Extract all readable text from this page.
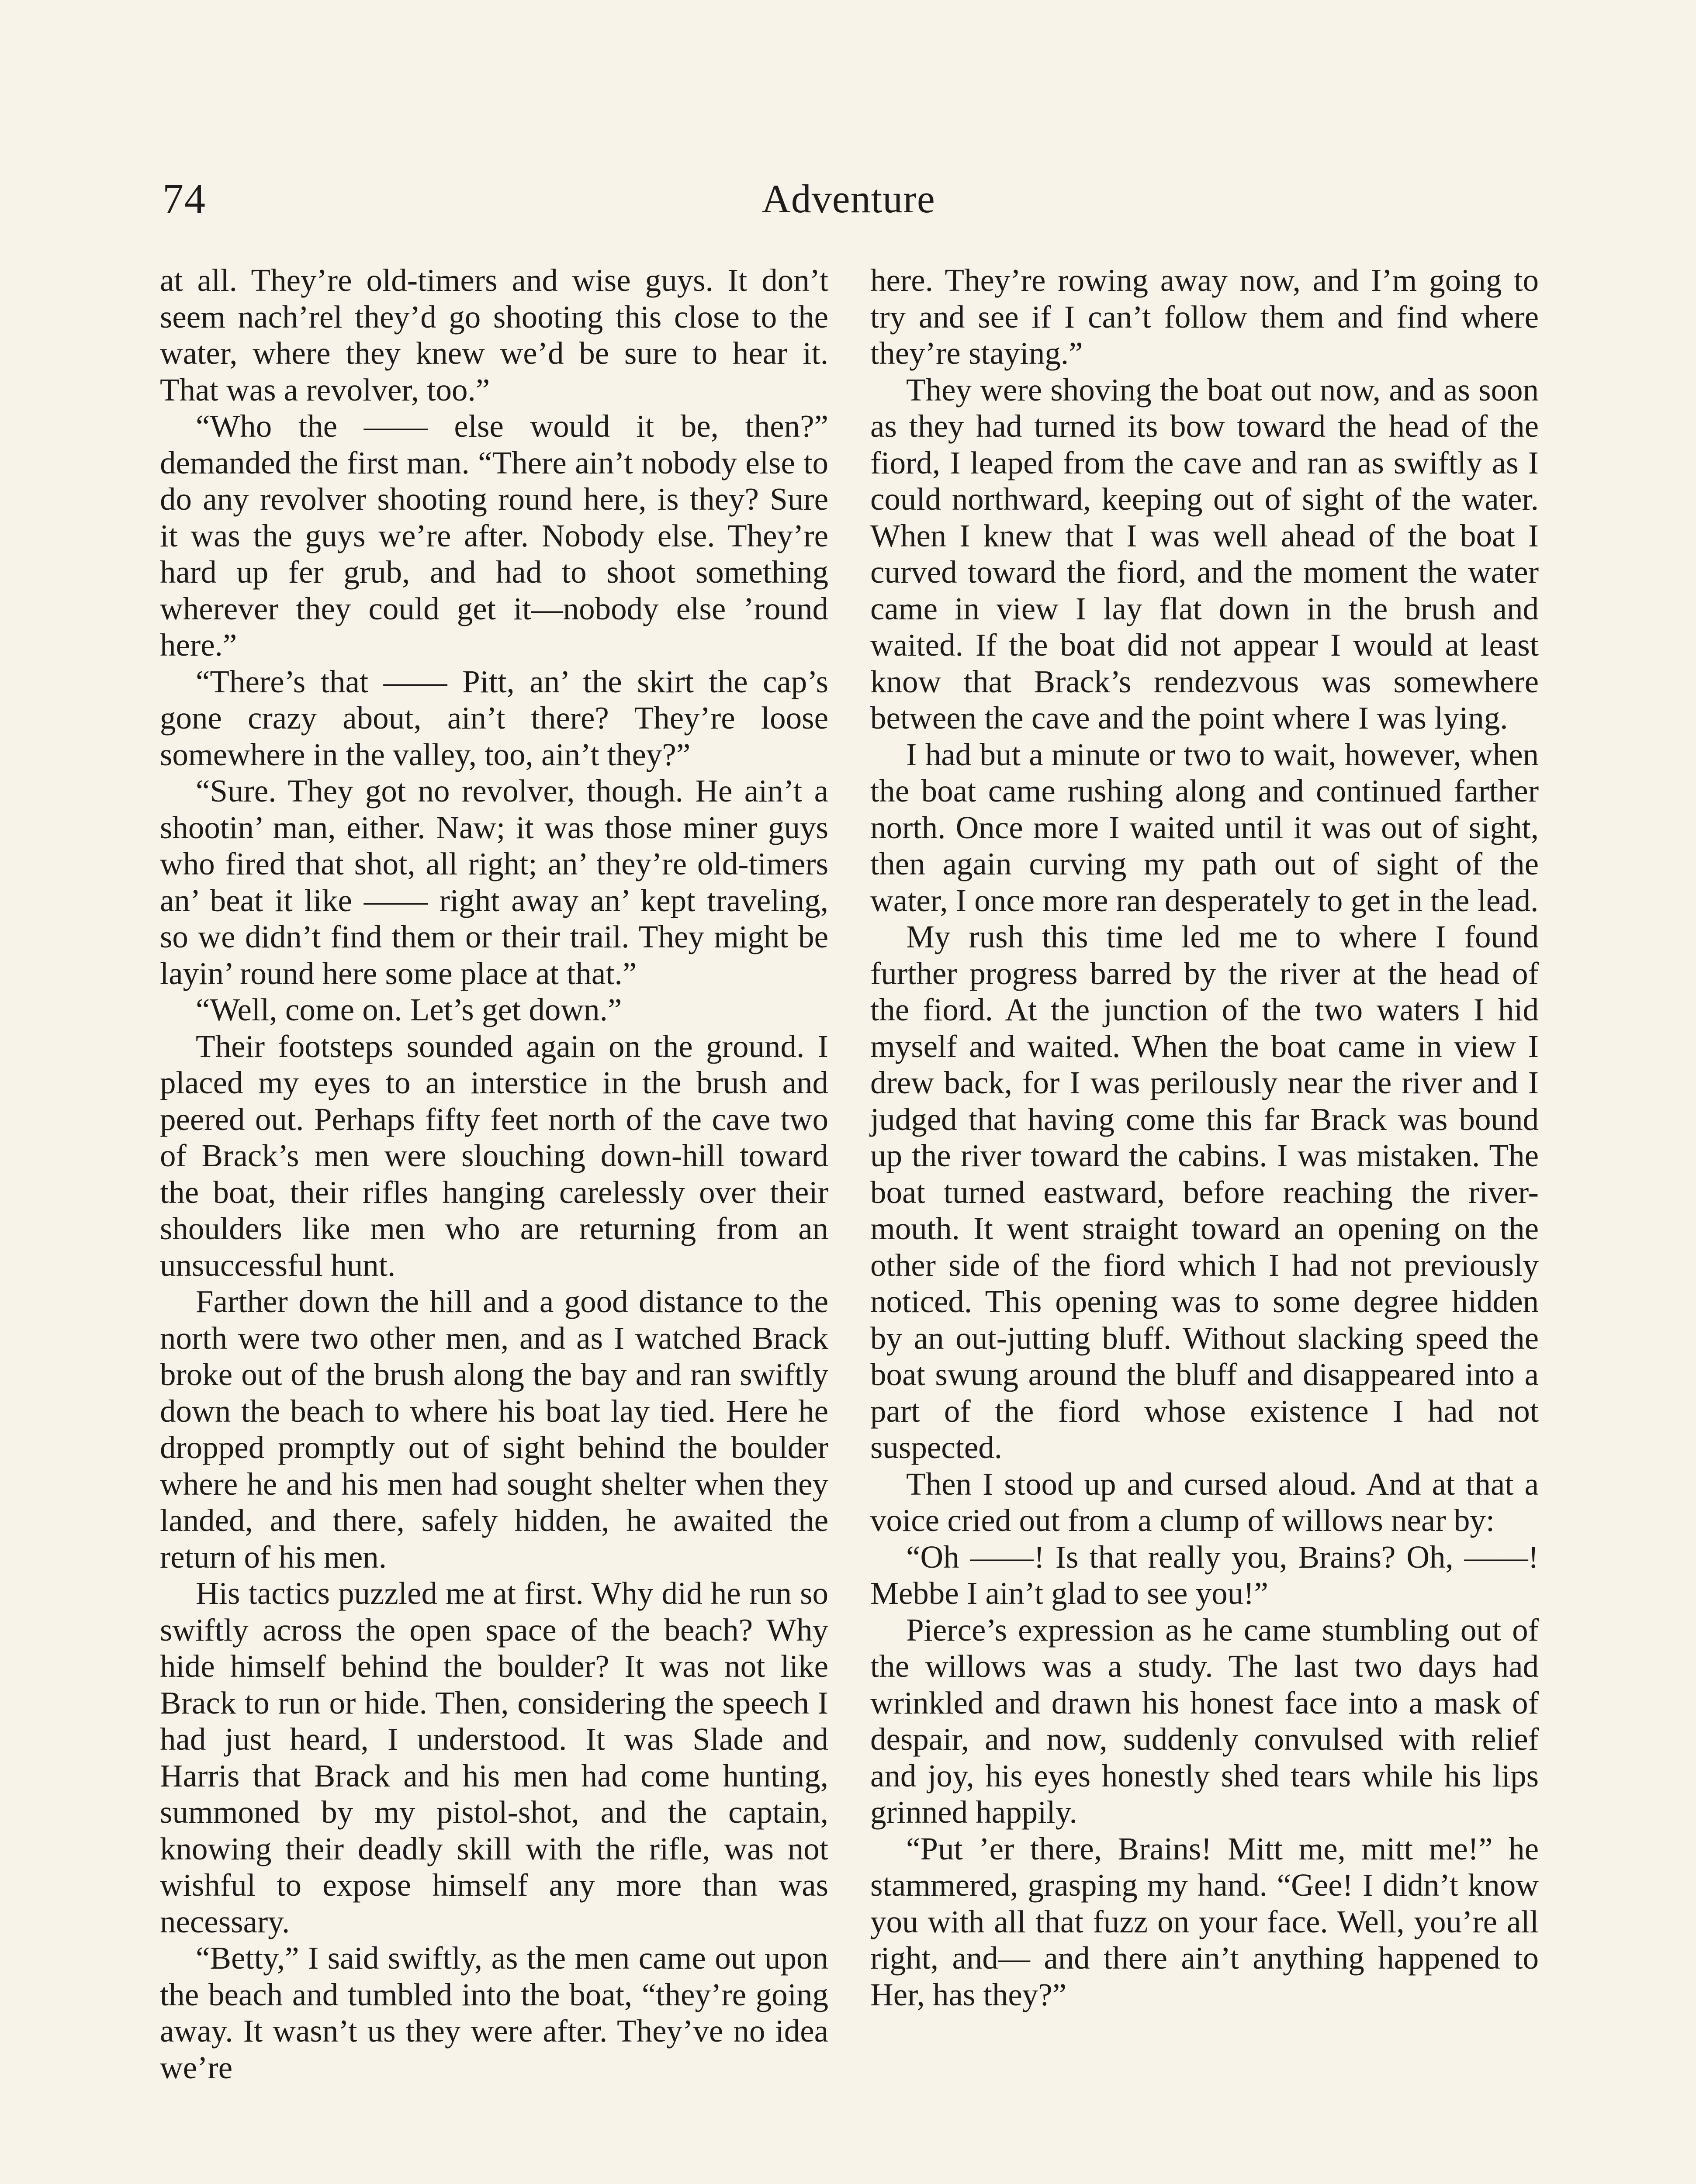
74	Adventure

at all. They’re old-timers and wise guys. It don’t seem nach’rel they’d go shooting this close to the water, where they knew we’d be sure to hear it. That was a revolver, too.”

“Who the —— else would it be, then?” demanded the first man. “There ain’t nobody else to do any revolver shooting round here, is they? Sure it was the guys we’re after. Nobody else. They’re hard up fer grub, and had to shoot something wherever they could get it—nobody else ’round here.”

“There’s that —— Pitt, an’ the skirt the cap’s gone crazy about, ain’t there? They’re loose somewhere in the valley, too, ain’t they?”

“Sure. They got no revolver, though. He ain’t a shootin’ man, either. Naw; it was those miner guys who fired that shot, all right; an’ they’re old-timers an’ beat it like —— right away an’ kept traveling, so we didn’t find them or their trail. They might be layin’ round here some place at that.”

“Well, come on. Let’s get down.”

Their footsteps sounded again on the ground. I placed my eyes to an interstice in the brush and peered out. Perhaps fifty feet north of the cave two of Brack’s men were slouching down-hill toward the boat, their rifles hanging carelessly over their shoulders like men who are returning from an unsuccessful hunt.

Farther down the hill and a good distance to the north were two other men, and as I watched Brack broke out of the brush along the bay and ran swiftly down the beach to where his boat lay tied. Here he dropped promptly out of sight behind the boulder where he and his men had sought shelter when they landed, and there, safely hidden, he awaited the return of his men.

His tactics puzzled me at first. Why did he run so swiftly across the open space of the beach? Why hide himself behind the boulder? It was not like Brack to run or hide. Then, considering the speech I had just heard, I understood. It was Slade and Harris that Brack and his men had come hunting, summoned by my pistol-shot, and the captain, knowing their deadly skill with the rifle, was not wishful to expose himself any more than was necessary.

“Betty,” I said swiftly, as the men came out upon the beach and tumbled into the boat, “they’re going away. It wasn’t us they were after. They’ve no idea we’re

here. They’re rowing away now, and I’m going to try and see if I can’t follow them and find where they’re staying.”

They were shoving the boat out now, and as soon as they had turned its bow toward the head of the fiord, I leaped from the cave and ran as swiftly as I could northward, keeping out of sight of the water. When I knew that I was well ahead of the boat I curved toward the fiord, and the moment the water came in view I lay flat down in the brush and waited. If the boat did not appear I would at least know that Brack’s rendezvous was somewhere between the cave and the point where I was lying.

I had but a minute or two to wait, however, when the boat came rushing along and continued farther north. Once more I waited until it was out of sight, then again curving my path out of sight of the water, I once more ran desperately to get in the lead.

My rush this time led me to where I found further progress barred by the river at the head of the fiord. At the junction of the two waters I hid myself and waited. When the boat came in view I drew back, for I was perilously near the river and I judged that having come this far Brack was bound up the river toward the cabins. I was mistaken. The boat turned eastward, before reaching the river-mouth. It went straight toward an opening on the other side of the fiord which I had not previously noticed. This opening was to some degree hidden by an out-jutting bluff. Without slacking speed the boat swung around the bluff and disappeared into a part of the fiord whose existence I had not suspected.

Then I stood up and cursed aloud. And at that a voice cried out from a clump of willows near by:

“Oh ——! Is that really you, Brains? Oh, ——! Mebbe I ain’t glad to see you!”

Pierce’s expression as he came stumbling out of the willows was a study. The last two days had wrinkled and drawn his honest face into a mask of despair, and now, suddenly convulsed with relief and joy, his eyes honestly shed tears while his lips grinned happily.

“Put ’er there, Brains! Mitt me, mitt me!” he stammered, grasping my hand. “Gee! I didn’t know you with all that fuzz on your face. Well, you’re all right, and— and there ain’t anything happened to Her, has they?”
